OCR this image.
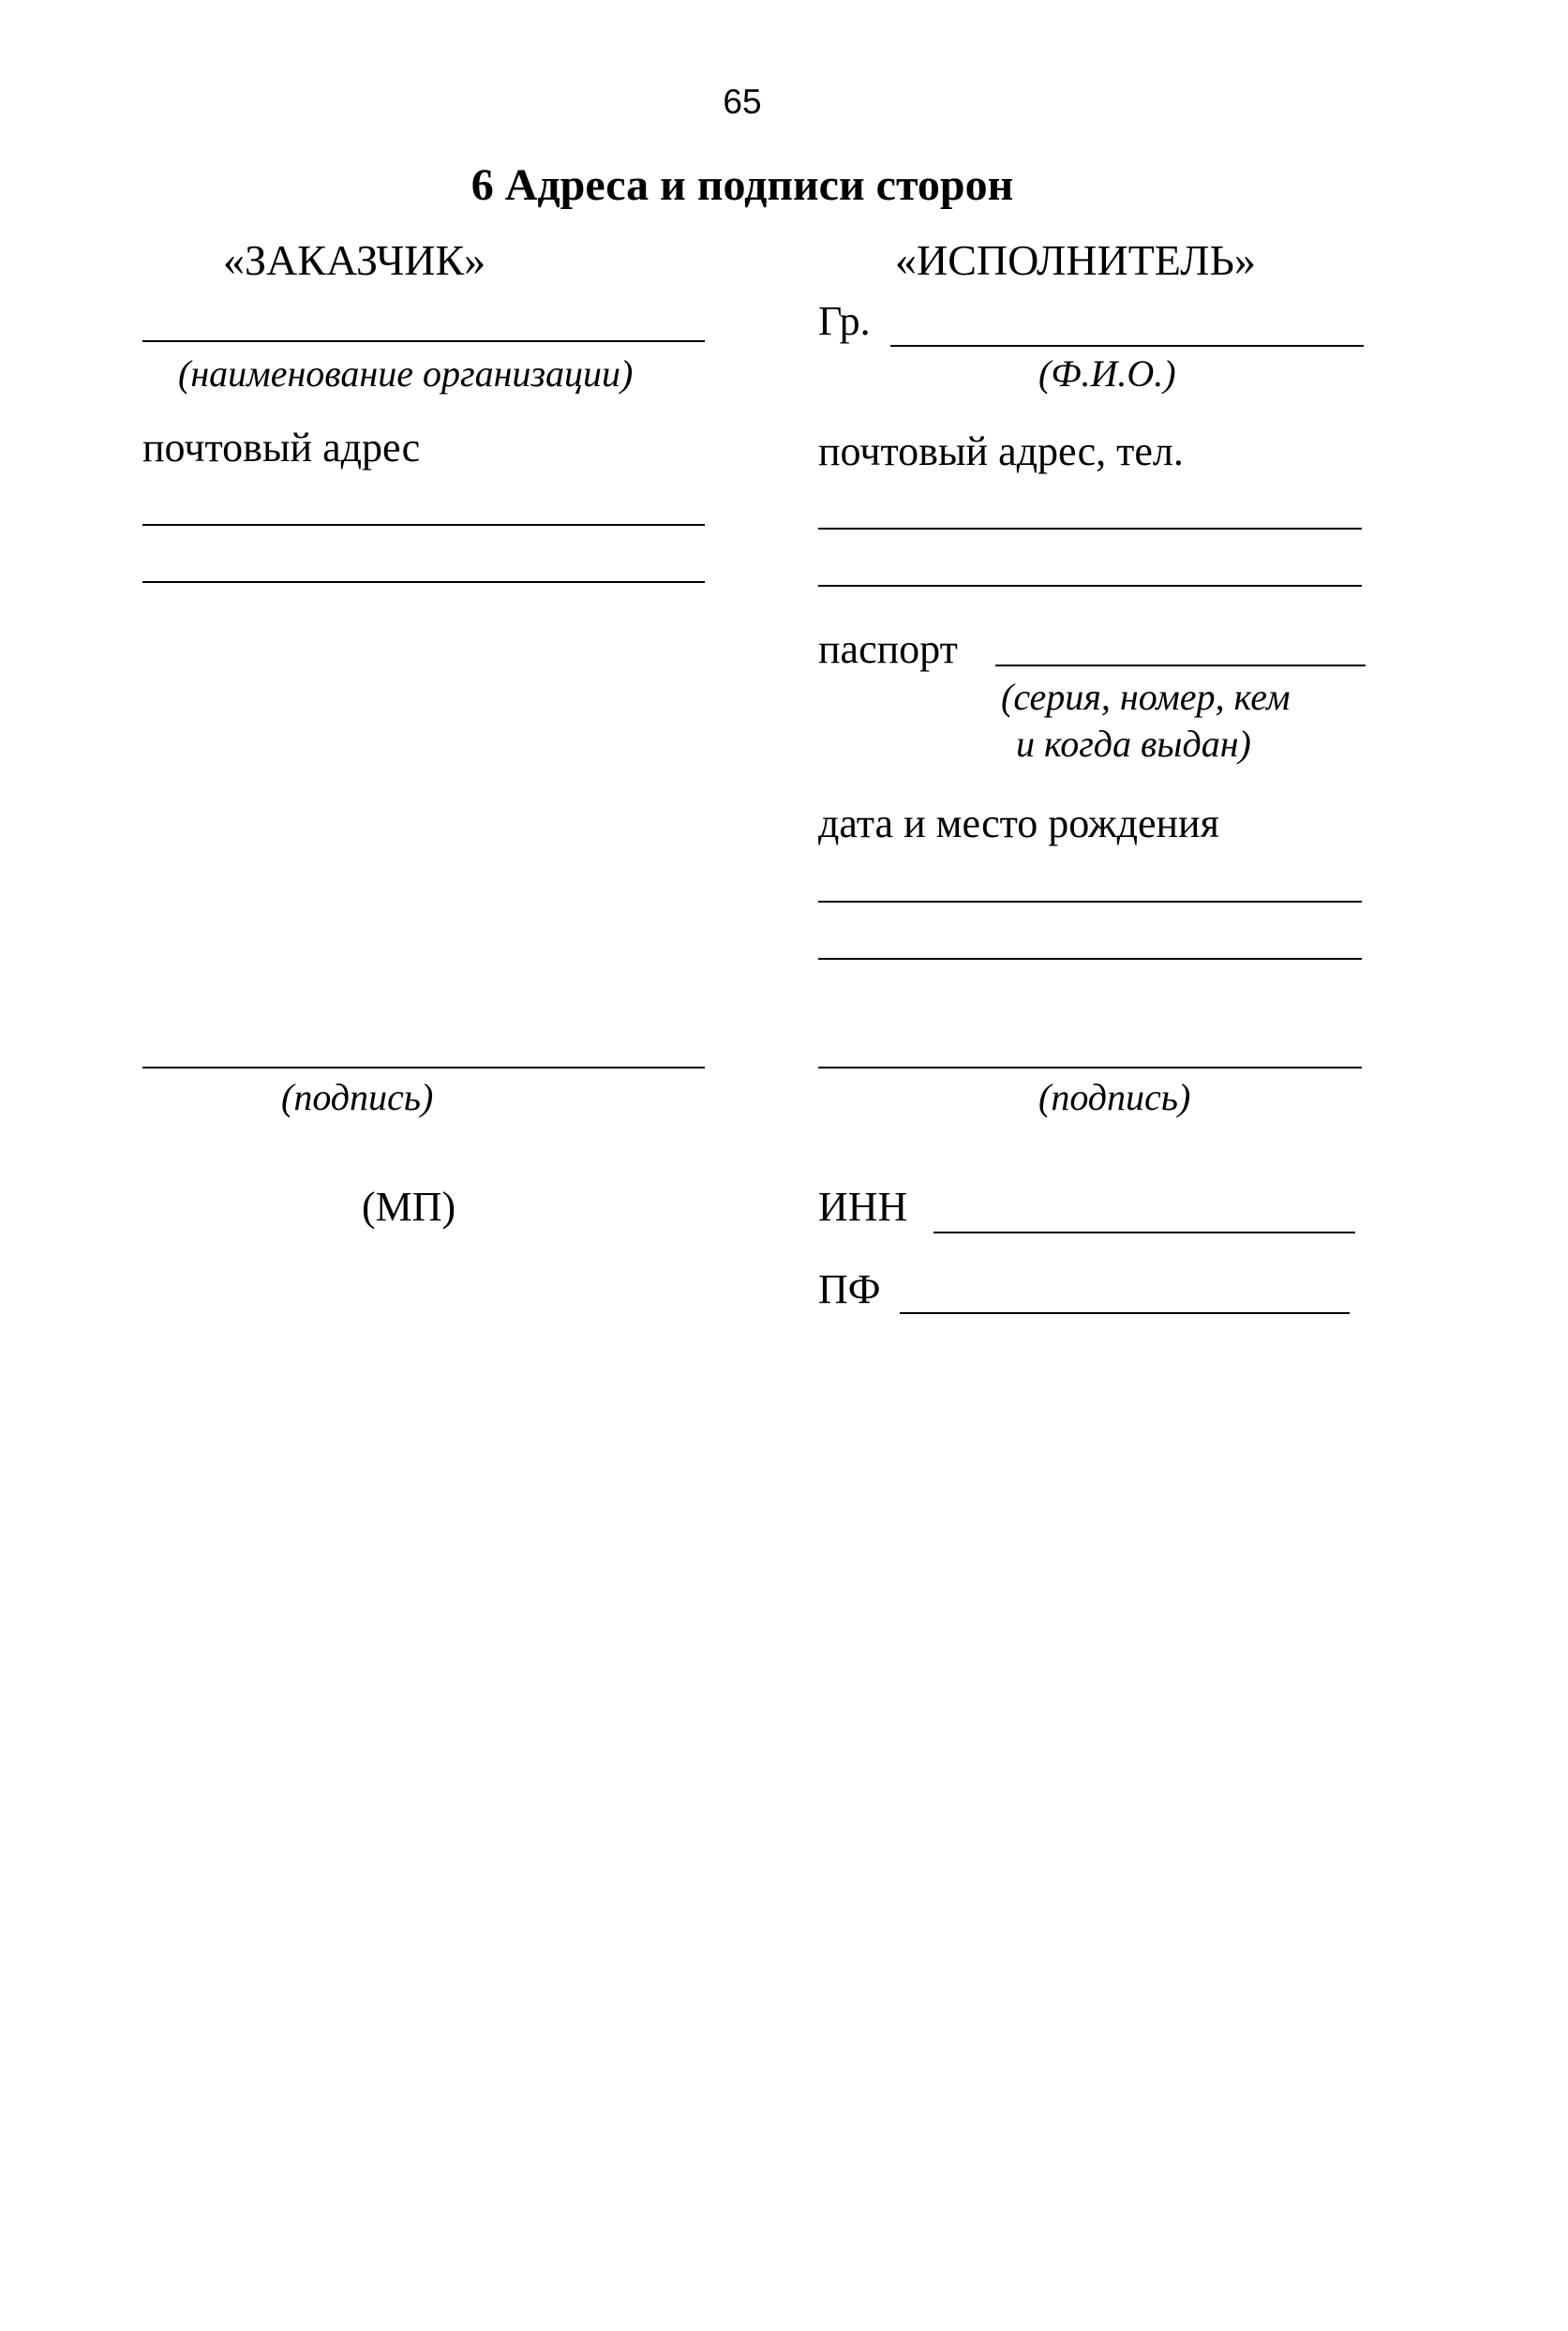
65
6 Адреса и подписи сторон
«ЗАКАЗЧИК»
(наименование организации)
почтовый адрес
(подпись)
(МП)
«ИСПОЛНИТЕЛЬ»
Гр.
(Ф.И.О.)
почтовый адрес, тел.
паспорт
(серия, номер, кем
и когда выдан)
дата и место рождения
(подпись)
ИНН
ПФ
